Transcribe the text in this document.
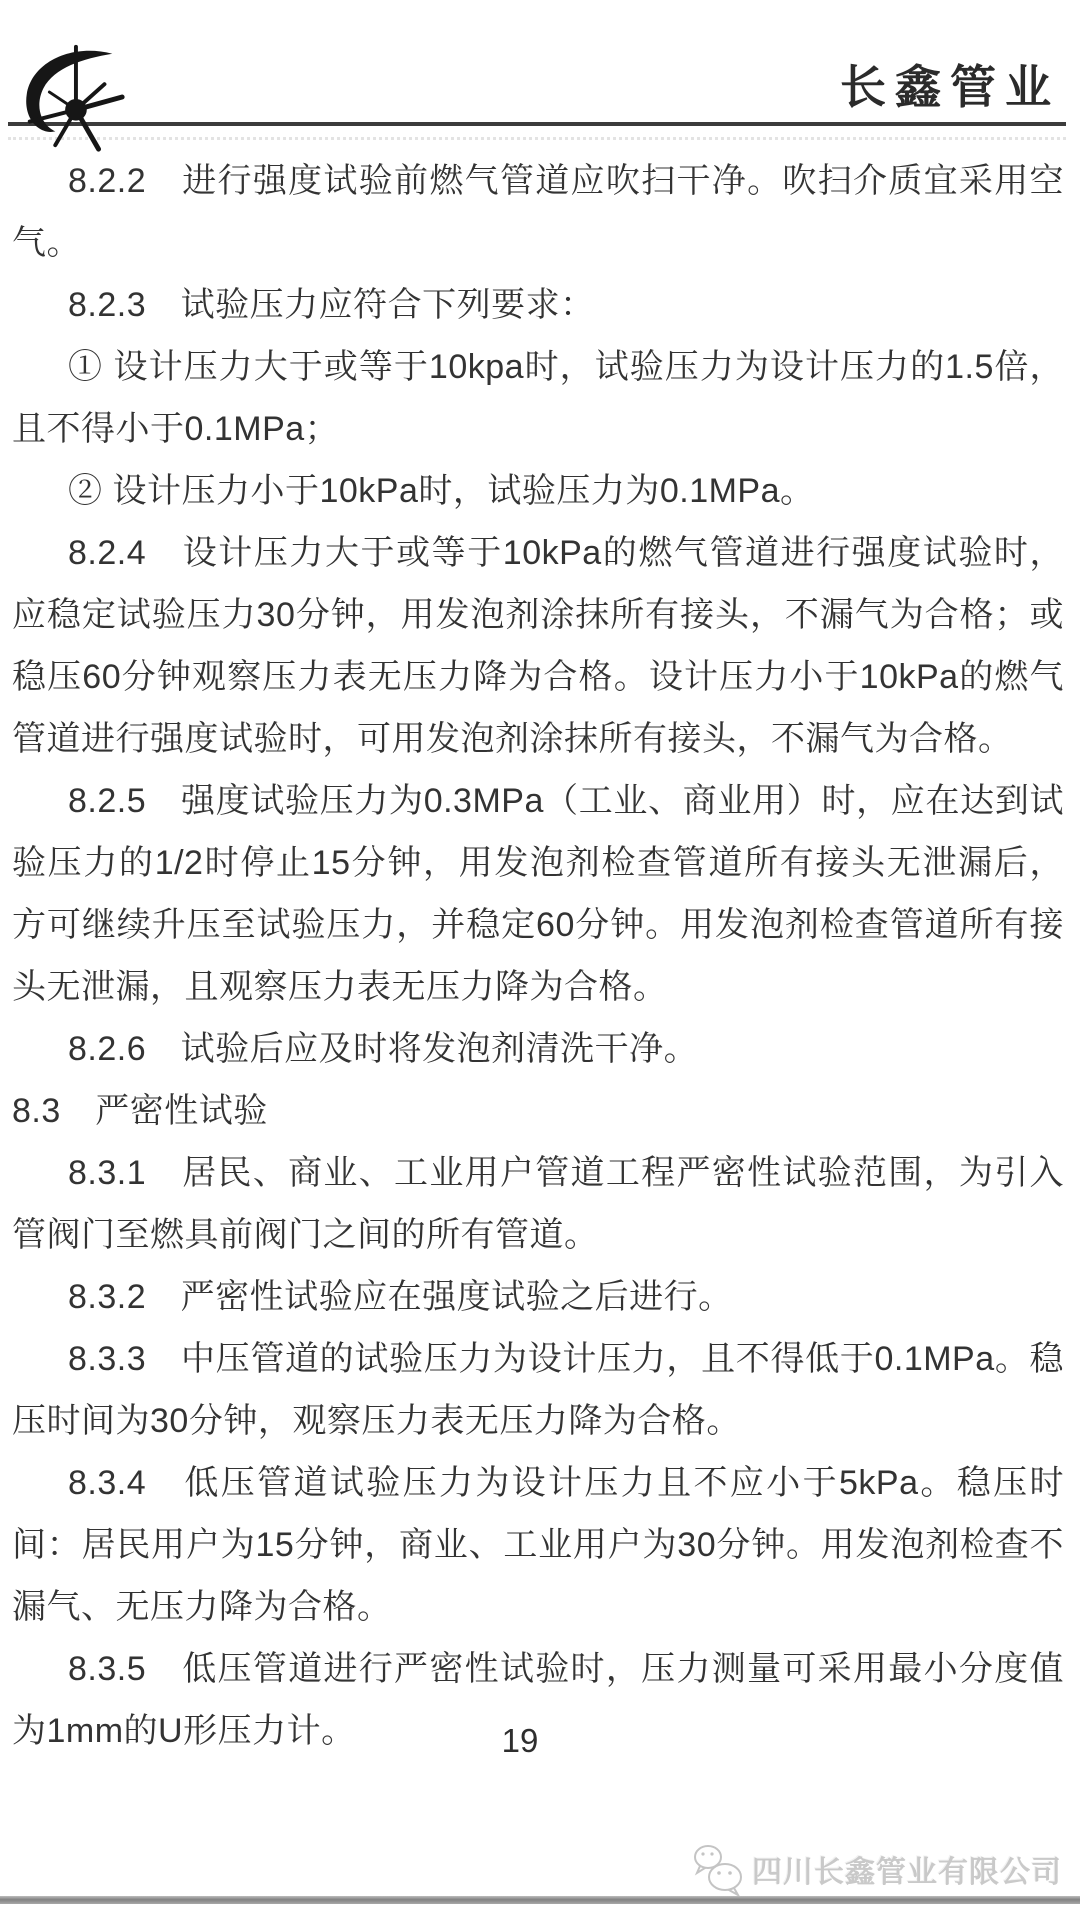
长鑫管业

8.2.2　进行强度试验前燃气管道应吹扫干净。吹扫介质宜采用空气。

8.2.3　试验压力应符合下列要求：

① 设计压力大于或等于10kpa时，试验压力为设计压力的1.5倍，且不得小于0.1MPa；

② 设计压力小于10kPa时，试验压力为0.1MPa。

8.2.4　设计压力大于或等于10kPa的燃气管道进行强度试验时，应稳定试验压力30分钟，用发泡剂涂抹所有接头，不漏气为合格；或稳压60分钟观察压力表无压力降为合格。设计压力小于10kPa的燃气管道进行强度试验时，可用发泡剂涂抹所有接头，不漏气为合格。

8.2.5　强度试验压力为0.3MPa（工业、商业用）时，应在达到试验压力的1/2时停止15分钟，用发泡剂检查管道所有接头无泄漏后，方可继续升压至试验压力，并稳定60分钟。用发泡剂检查管道所有接头无泄漏，且观察压力表无压力降为合格。

8.2.6　试验后应及时将发泡剂清洗干净。

8.3　严密性试验

8.3.1　居民、商业、工业用户管道工程严密性试验范围，为引入管阀门至燃具前阀门之间的所有管道。

8.3.2　严密性试验应在强度试验之后进行。

8.3.3　中压管道的试验压力为设计压力，且不得低于0.1MPa。稳压时间为30分钟，观察压力表无压力降为合格。

8.3.4　低压管道试验压力为设计压力且不应小于5kPa。稳压时间：居民用户为15分钟，商业、工业用户为30分钟。用发泡剂检查不漏气、无压力降为合格。

8.3.5　低压管道进行严密性试验时，压力测量可采用最小分度值为1mm的U形压力计。	19
四川长鑫管业有限公司
